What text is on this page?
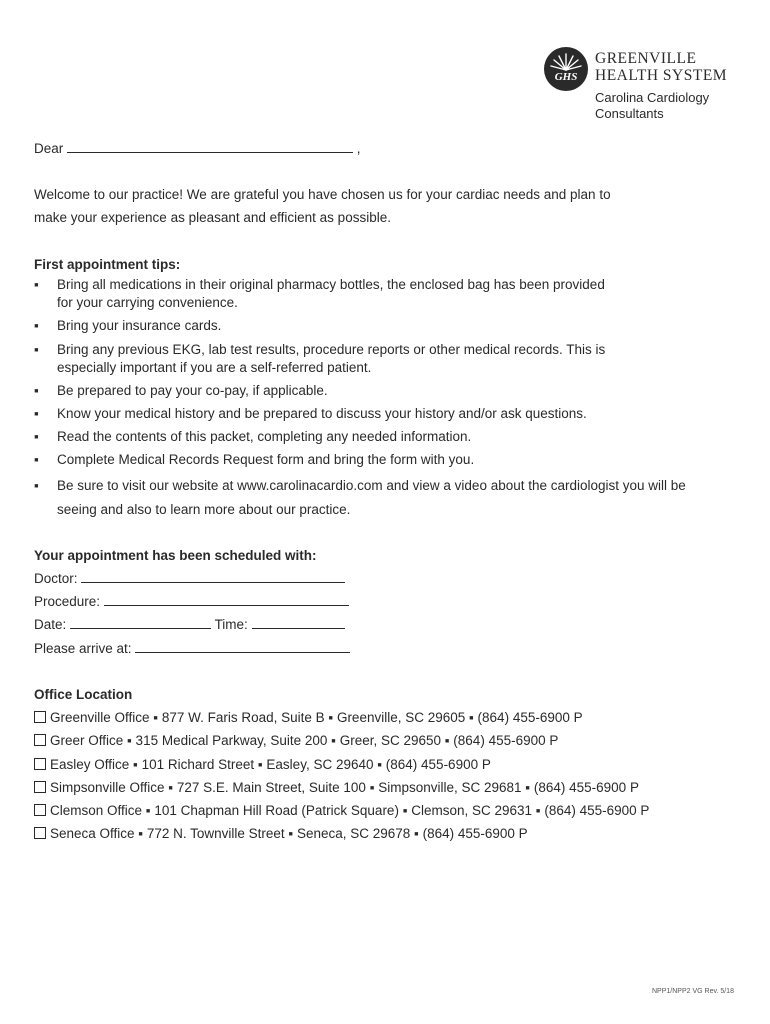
GHS
GREENVILLE
HEALTH SYSTEM
Carolina Cardiology
Consultants
Dear	,
Welcome to our practice! We are grateful you have chosen us for your cardiac needs and plan to
make your experience as pleasant and efficient as possible.
First appointment tips:
▪ Bring all medications in their original pharmacy bottles, the enclosed bag has been provided
for your carrying convenience.
▪ Bring your insurance cards.
▪ Bring any previous EKG, lab test results, procedure reports or other medical records. This is
especially important if you are a self-referred patient.
▪ Be prepared to pay your co-pay, if applicable.
▪ Know your medical history and be prepared to discuss your history and/or ask questions.
▪ Read the contents of this packet, completing any needed information.
▪ Complete Medical Records Request form and bring the form with you.
▪ Be sure to visit our website at www.carolinacardio.com and view a video about the cardiologist you will be
seeing and also to learn more about our practice.
Your appointment has been scheduled with:
Doctor:
Procedure:
Date:	Time:
Please arrive at:
Office Location
Greenville Office ▪ 877 W. Faris Road, Suite B ▪ Greenville, SC 29605 ▪ (864) 455-6900 P
Greer Office ▪ 315 Medical Parkway, Suite 200 ▪ Greer, SC 29650 ▪ (864) 455-6900 P
Easley Office ▪ 101 Richard Street ▪ Easley, SC 29640 ▪ (864) 455-6900 P
Simpsonville Office ▪ 727 S.E. Main Street, Suite 100 ▪ Simpsonville, SC 29681 ▪ (864) 455-6900 P
Clemson Office ▪ 101 Chapman Hill Road (Patrick Square) ▪ Clemson, SC 29631 ▪ (864) 455-6900 P
Seneca Office ▪ 772 N. Townville Street ▪ Seneca, SC 29678 ▪ (864) 455-6900 P
NPP1/NPP2 VG Rev. 5/18
